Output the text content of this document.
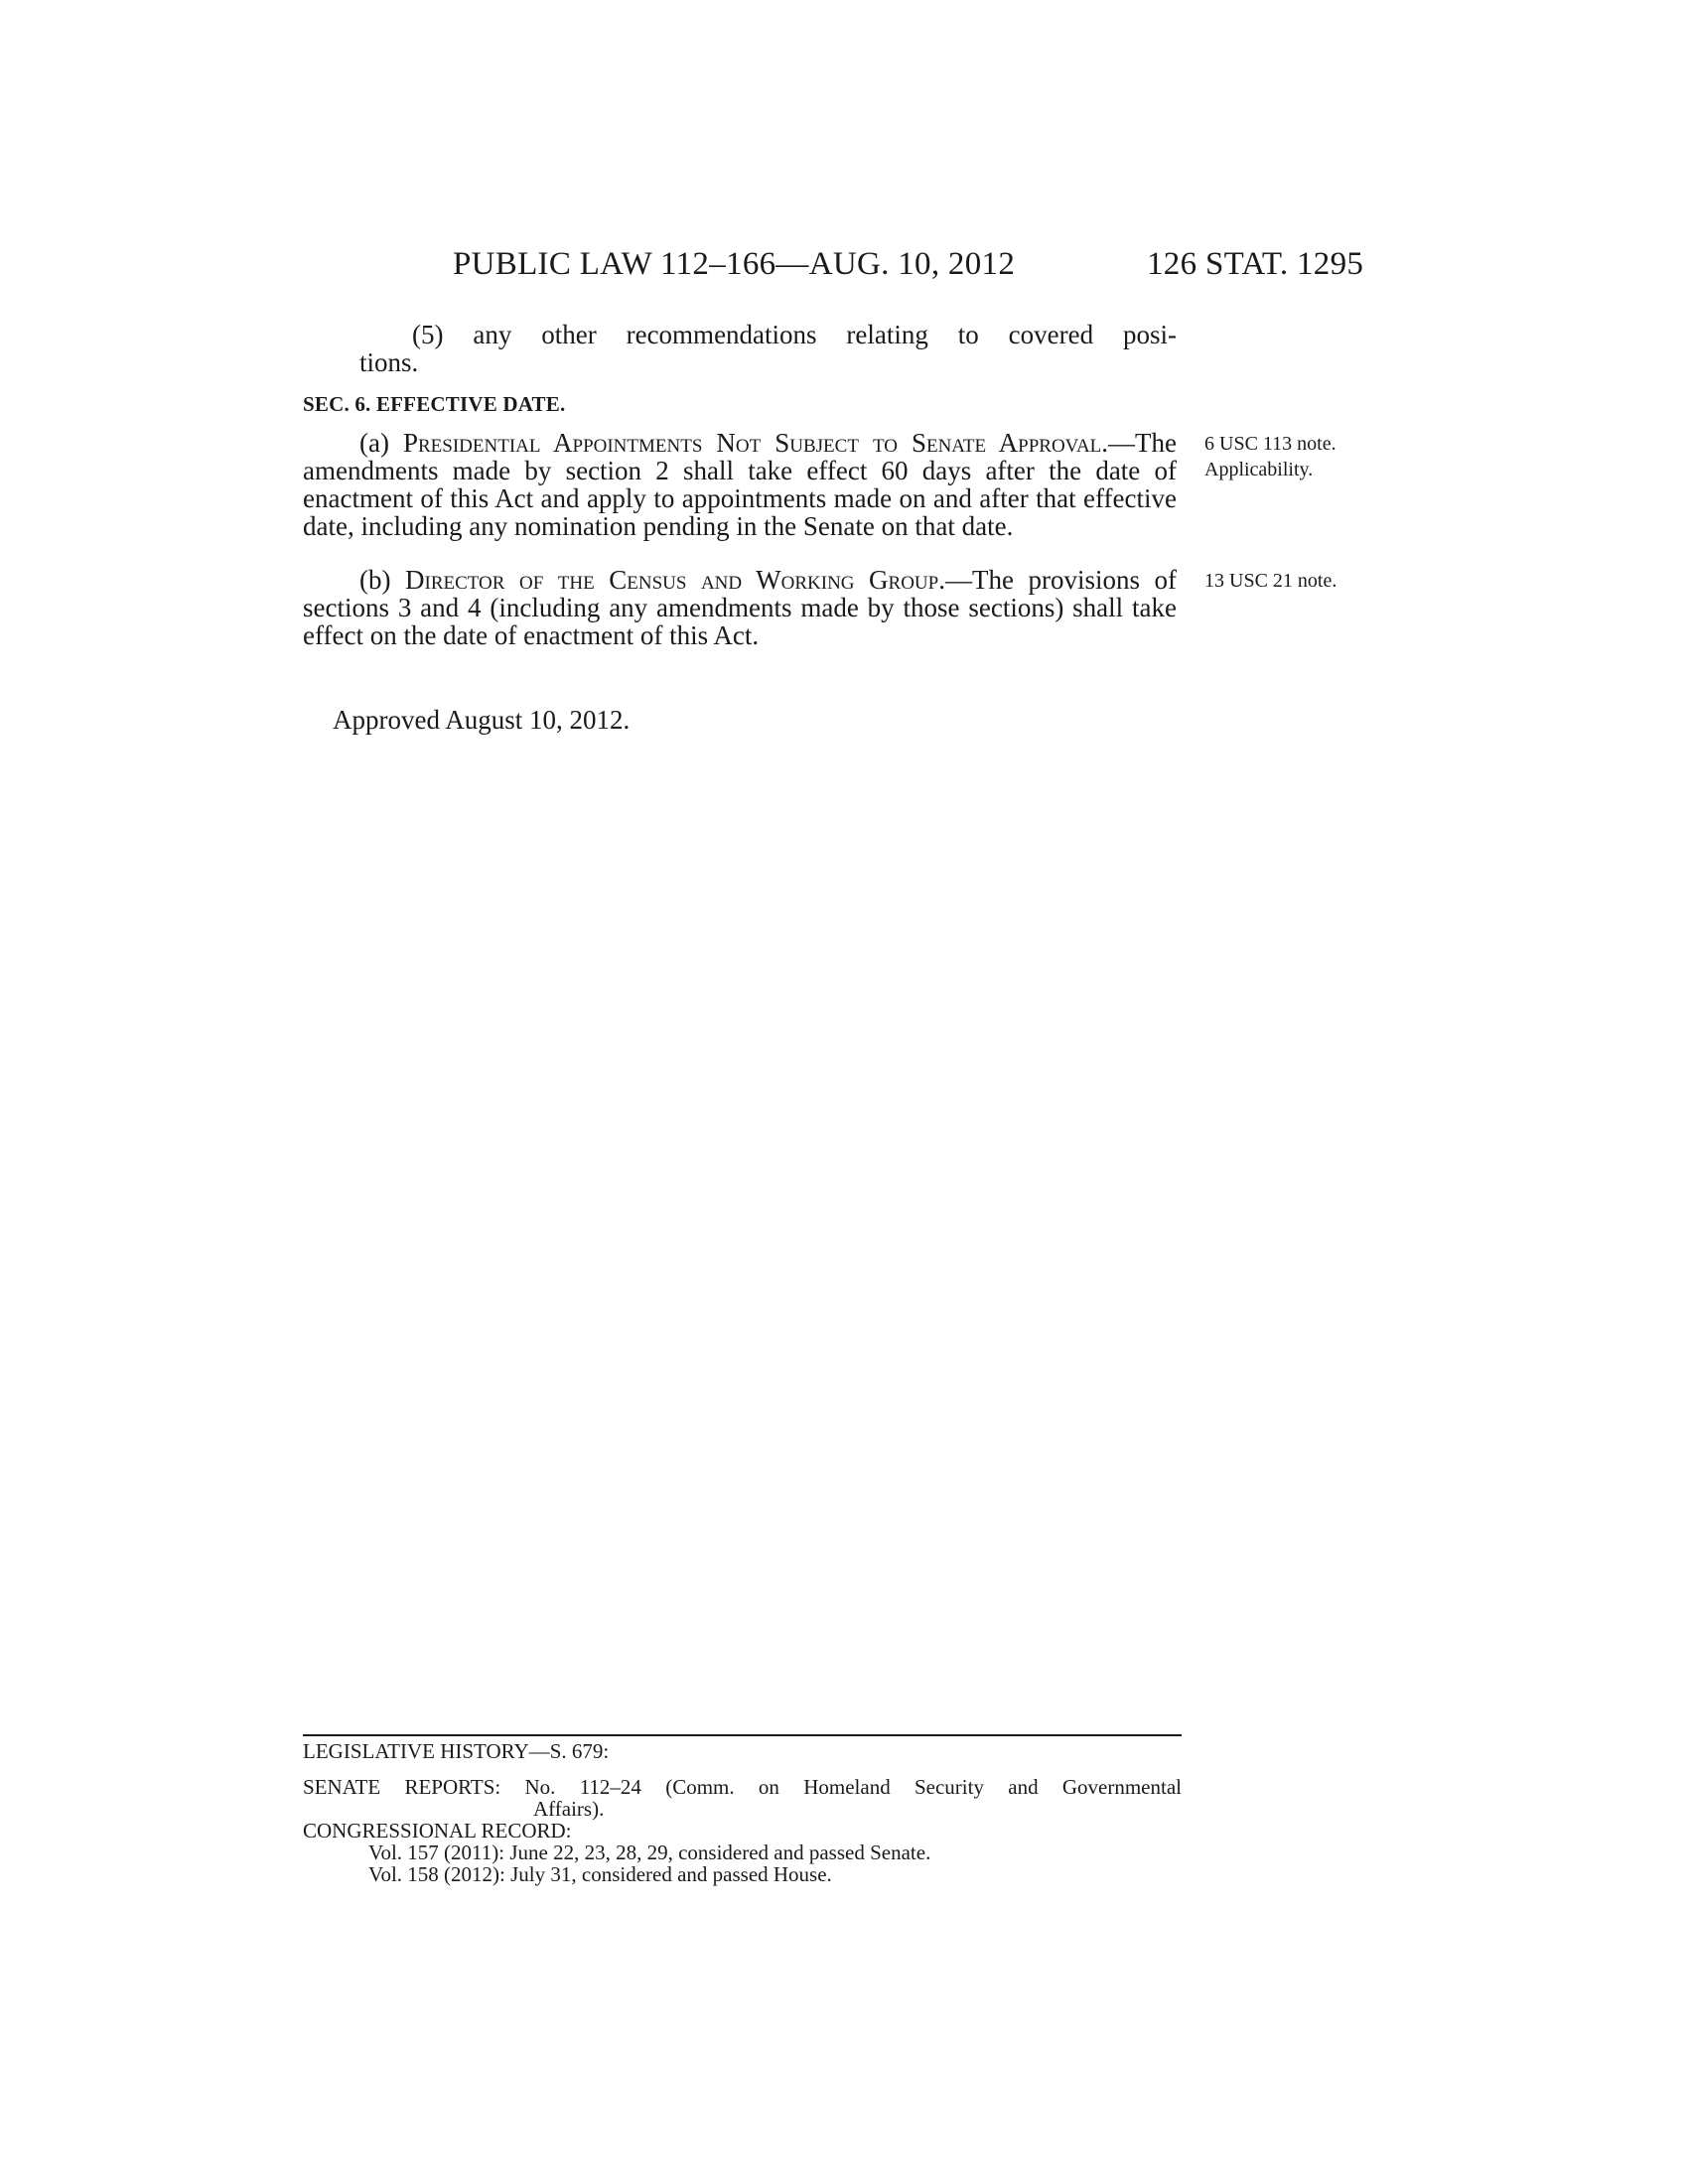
PUBLIC LAW 112–166—AUG. 10, 2012	126 STAT. 1295
(5) any other recommendations relating to covered posi-
tions.
SEC. 6. EFFECTIVE DATE.
(a) Presidential Appointments Not Subject to Senate Approval.—The amendments made by section 2 shall take effect 60 days after the date of enactment of this Act and apply to appointments made on and after that effective date, including any nomination pending in the Senate on that date.
(b) Director of the Census and Working Group.—The provisions of sections 3 and 4 (including any amendments made by those sections) shall take effect on the date of enactment of this Act.
6 USC 113 note.
Applicability.
13 USC 21 note.
Approved August 10, 2012.
LEGISLATIVE HISTORY—S. 679:
SENATE REPORTS: No. 112–24 (Comm. on Homeland Security and Governmental
Affairs).
CONGRESSIONAL RECORD:
Vol. 157 (2011): June 22, 23, 28, 29, considered and passed Senate.
Vol. 158 (2012): July 31, considered and passed House.
